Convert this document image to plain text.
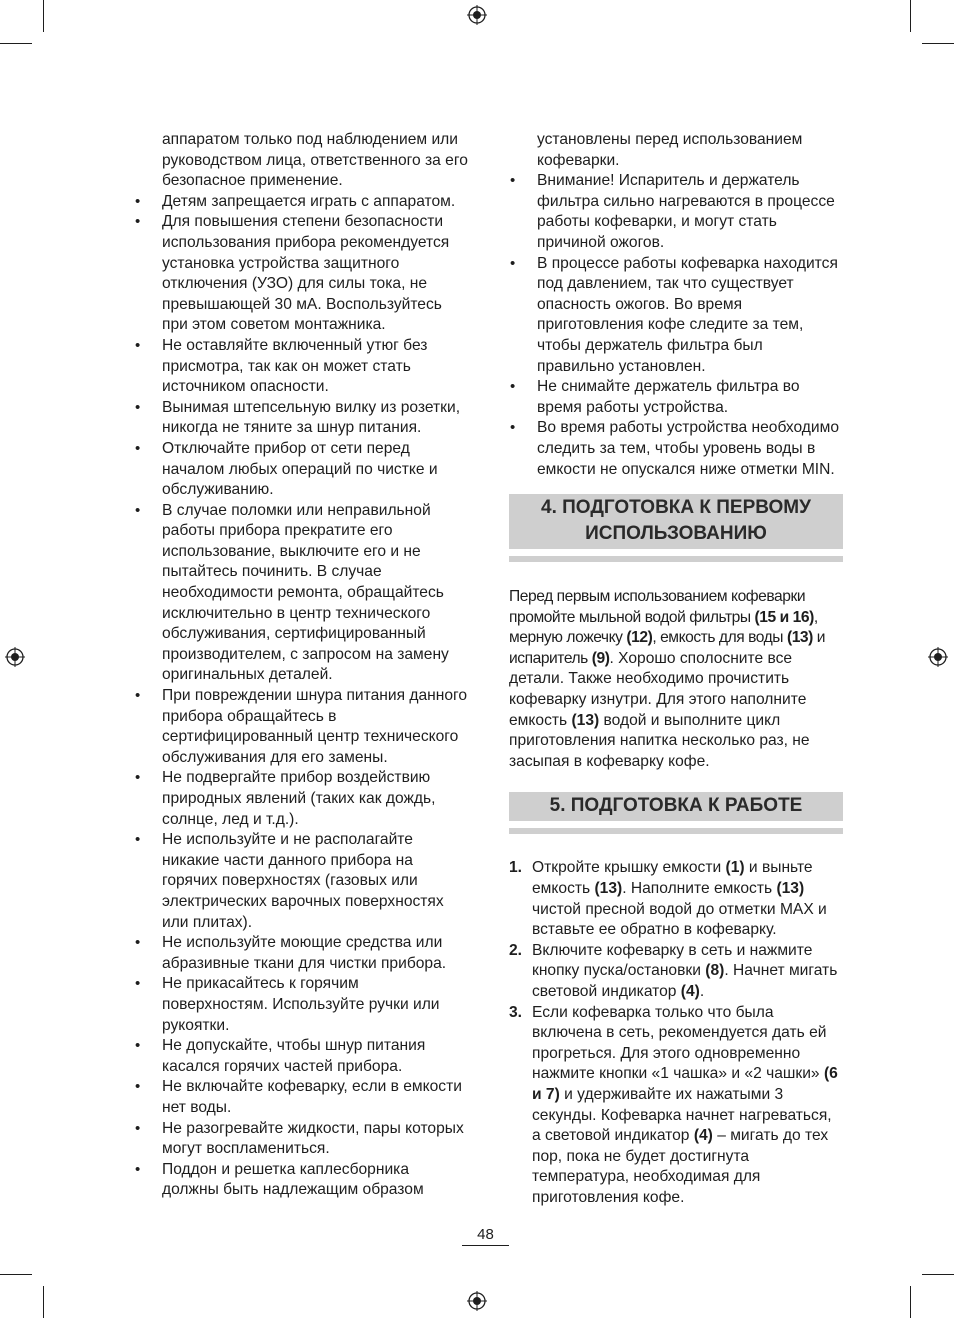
аппаратом только под наблюдением или руководством лица, ответственного за его безопасное применение.

• Детям запрещается играть с аппаратом.
• Для повышения степени безопасности использования прибора рекомендуется установка устройства защитного отключения (УЗО) для силы тока, не превышающей 30 мА. Воспользуйтесь при этом советом монтажника.
• Не оставляйте включенный утюг без присмотра, так как он может стать источником опасности.
• Вынимая штепсельную вилку из розетки, никогда не тяните за шнур питания.
• Отключайте прибор от сети перед началом любых операций по чистке и обслуживанию.
• В случае поломки или неправильной работы прибора прекратите его использование, выключите его и не пытайтесь починить. В случае необходимости ремонта, обращайтесь исключительно в центр технического обслуживания, сертифицированный производителем, с запросом на замену оригинальных деталей.
• При повреждении шнура питания данного прибора обращайтесь в сертифицированный центр технического обслуживания для его замены.
• Не подвергайте прибор воздействию природных явлений (таких как дождь, солнце, лед и т.д.).
• Не используйте и не располагайте никакие части данного прибора на горячих поверхностях (газовых или электрических варочных поверхностях или плитах).
• Не используйте моющие средства или абразивные ткани для чистки прибора.
• Не прикасайтесь к горячим поверхностям. Используйте ручки или рукоятки.
• Не допускайте, чтобы шнур питания касался горячих частей прибора.
• Не включайте кофеварку, если в емкости нет воды.
• Не разогревайте жидкости, пары которых могут воспламениться.
• Поддон и решетка каплесборника должны быть надлежащим образом

установлены перед использованием кофеварки.

• Внимание! Испаритель и держатель фильтра сильно нагреваются в процессе работы кофеварки, и могут стать причиной ожогов.
• В процессе работы кофеварка находится под давлением, так что существует опасность ожогов. Во время приготовления кофе следите за тем, чтобы держатель фильтра был правильно установлен.
• Не снимайте держатель фильтра во время работы устройства.
• Во время работы устройства необходимо следить за тем, чтобы уровень воды в емкости не опускался ниже отметки MIN.
4. ПОДГОТОВКА К ПЕРВОМУ ИСПОЛЬЗОВАНИЮ

Перед первым использованием кофеварки промойте мыльной водой фильтры (15 и 16), мерную ложечку (12), емкость для воды (13) и испаритель (9). Хорошо сполосните все детали. Также необходимо прочистить кофеварку изнутри. Для этого наполните емкость (13) водой и выполните цикл приготовления напитка несколько раз, не засыпая в кофеварку кофе.

5. ПОДГОТОВКА К РАБОТЕ
1. Откройте крышку емкости (1) и выньте емкость (13). Наполните емкость (13) чистой пресной водой до отметки MAX и вставьте ее обратно в кофеварку.
2. Включите кофеварку в сеть и нажмите кнопку пуска/остановки (8). Начнет мигать световой индикатор (4).
3. Если кофеварка только что была включена в сеть, рекомендуется дать ей прогреться. Для этого одновременно нажмите кнопки «1 чашка» и «2 чашки» (6 и 7) и удерживайте их нажатыми 3 секунды. Кофеварка начнет нагреваться, а световой индикатор (4) – мигать до тех пор, пока не будет достигнута температура, необходимая для приготовления кофе.
48
